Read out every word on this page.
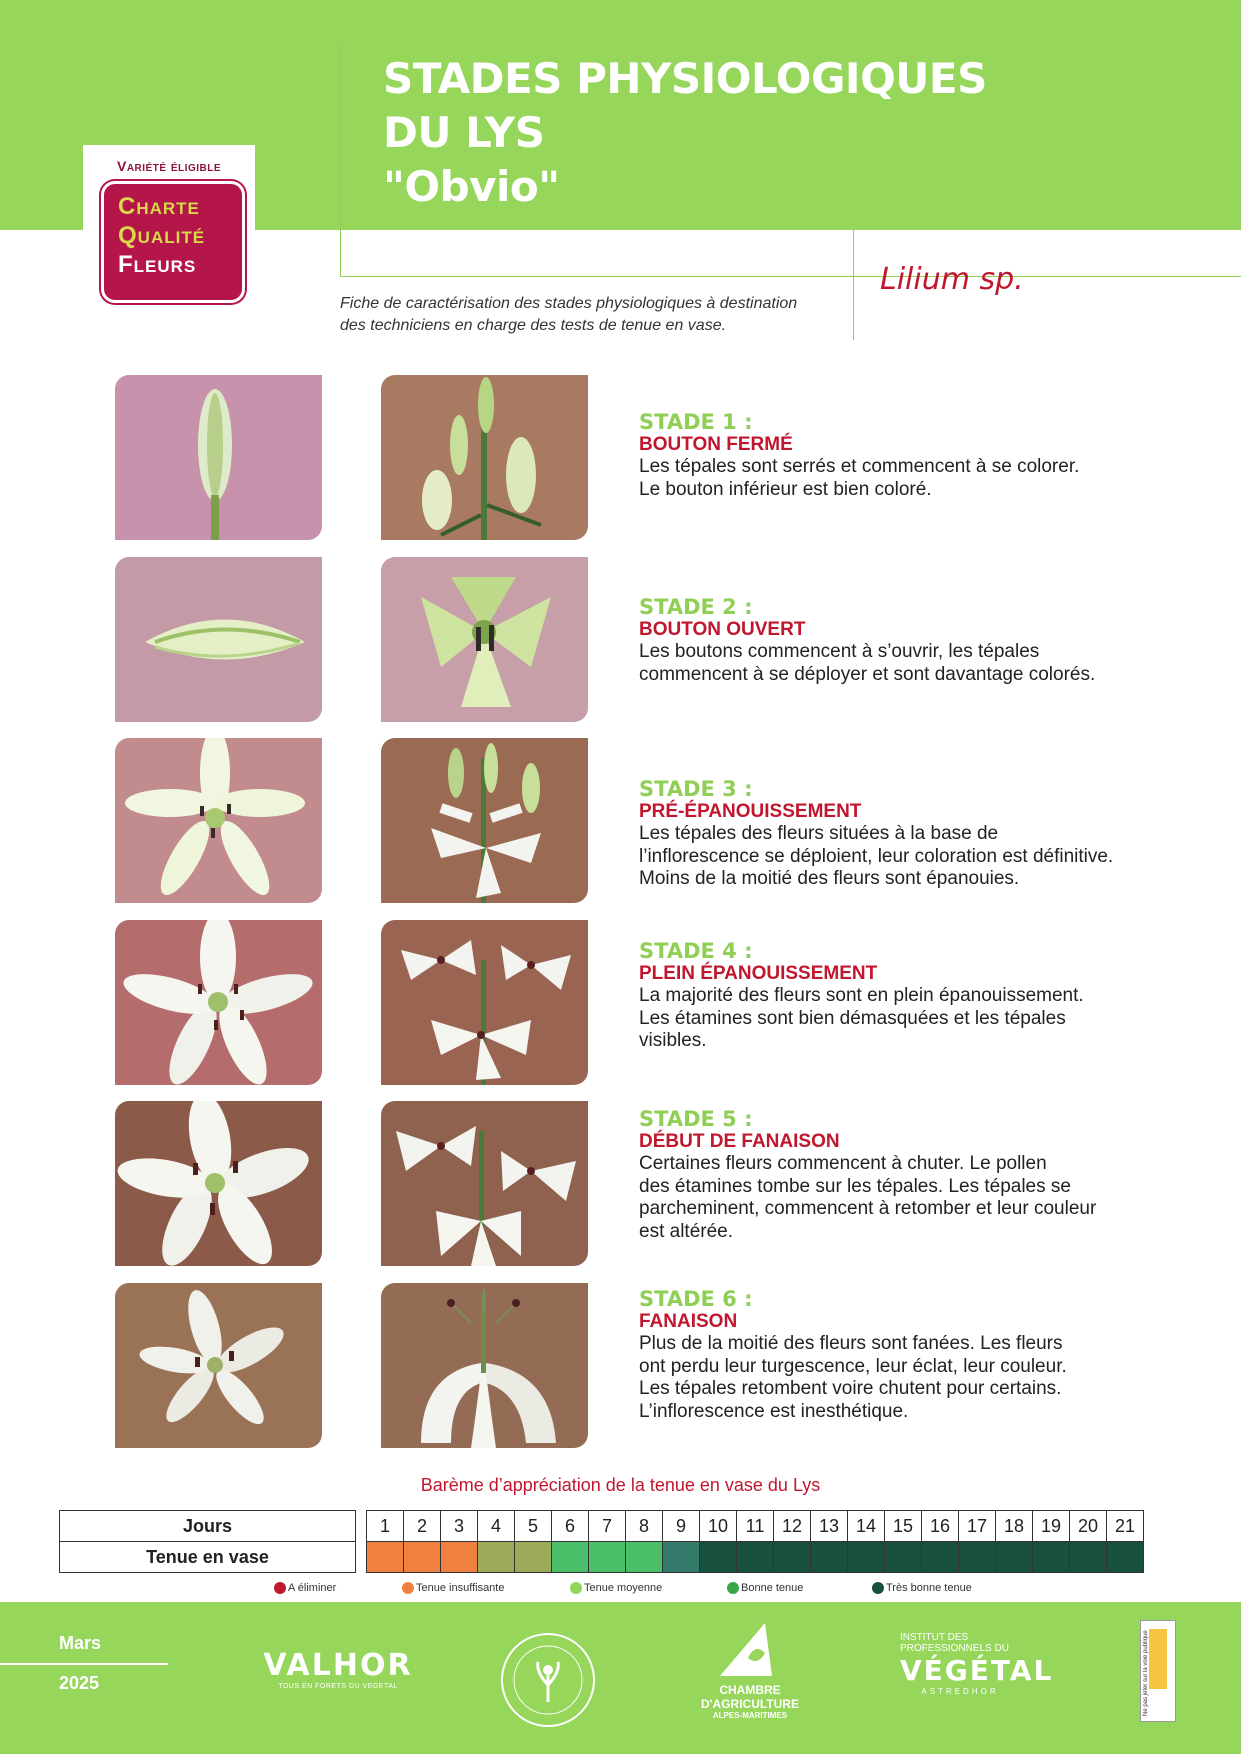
STADES PHYSIOLOGIQUES
DU LYS
"Obvio"
Lilium sp.
Fiche de caractérisation des stades physiologiques à destination des techniciens en charge des tests de tenue en vase.
Variété éligible
Charte
Qualité
Fleurs
STADE 1 :
BOUTON FERMÉ
Les tépales sont serrés et commencent à se colorer.
Le bouton inférieur est bien coloré.
STADE 2 :
BOUTON OUVERT
Les boutons commencent à s’ouvrir, les tépales
commencent à se déployer et sont davantage colorés.
STADE 3 :
PRÉ-ÉPANOUISSEMENT
Les tépales des fleurs situées à la base de
l’inflorescence se déploient, leur coloration est définitive.
Moins de la moitié des fleurs sont épanouies.
STADE 4 :
PLEIN ÉPANOUISSEMENT
La majorité des fleurs sont en plein épanouissement.
Les étamines sont bien démasquées et les tépales
visibles.
STADE 5 :
DÉBUT DE FANAISON
Certaines fleurs commencent à chuter. Le pollen
des étamines tombe sur les tépales. Les tépales se
parcheminent, commencent à retomber et leur couleur
est altérée.
STADE 6 :
FANAISON
Plus de la moitié des fleurs sont fanées. Les fleurs
ont perdu leur turgescence, leur éclat, leur couleur.
Les tépales retombent voire chutent pour certains.
L’inflorescence est inesthétique.
Barème d’appréciation de la tenue en vase du Lys
Jours		1	2	3	4	5	6	7	8	9	10	11	12	13	14	15	16	17	18	19	20	21
Tenue en vase																						
A éliminer	Tenue insuffisante	Tenue moyenne	Bonne tenue	Très bonne tenue
Mars
2025	VALHOR
TOUS EN FORETS DU VEGETAL	CHAMBRE
D'AGRICULTURE
ALPES-MARITIMES
INSTITUT DES
PROFESSIONNELS DU
VÉGÉTAL
ASTREDHOR	Ne pas jeter sur la voie publique
